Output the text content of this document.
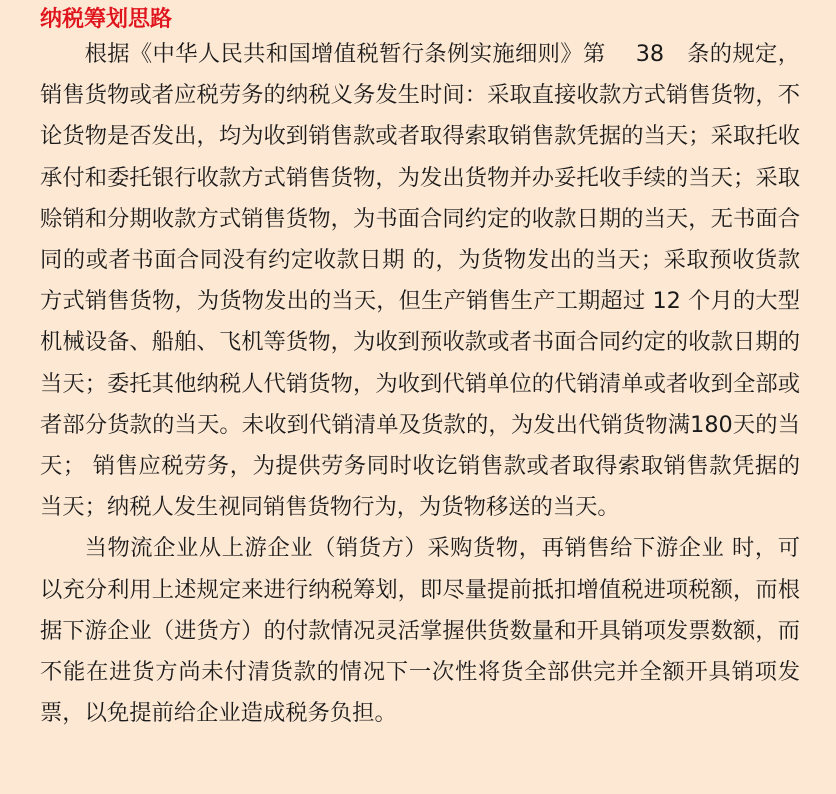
纳税筹划思路

根据《中华人民共和国增值税暂行条例实施细则》第　 38　条的规定，销售货物或者应税劳务的纳税义务发生时间：采取直接收款方式销售货物，不论货物是否发出，均为收到销售款或者取得索取销售款凭据的当天；采取托收承付和委托银行收款方式销售货物，为发出货物并办妥托收手续的当天；采取赊销和分期收款方式销售货物，为书面合同约定的收款日期的当天，无书面合同的或者书面合同没有约定收款日期 的，为货物发出的当天；采取预收货款方式销售货物，为货物发出的当天，但生产销售生产工期超过 12 个月的大型机械设备、船舶、飞机等货物，为收到预收款或者书面合同约定的收款日期的当天；委托其他纳税人代销货物，为收到代销单位的代销清单或者收到全部或者部分货款的当天。未收到代销清单及货款的，为发出代销货物满180天的当天； 销售应税劳务，为提供劳务同时收讫销售款或者取得索取销售款凭据的当天；纳税人发生视同销售货物行为，为货物移送的当天。

当物流企业从上游企业（销货方）采购货物，再销售给下游企业 时，可以充分利用上述规定来进行纳税筹划，即尽量提前抵扣增值税进项税额，而根据下游企业（进货方）的付款情况灵活掌握供货数量和开具销项发票数额，而不能在进货方尚未付清货款的情况下一次性将货全部供完并全额开具销项发票，以免提前给企业造成税务负担。
